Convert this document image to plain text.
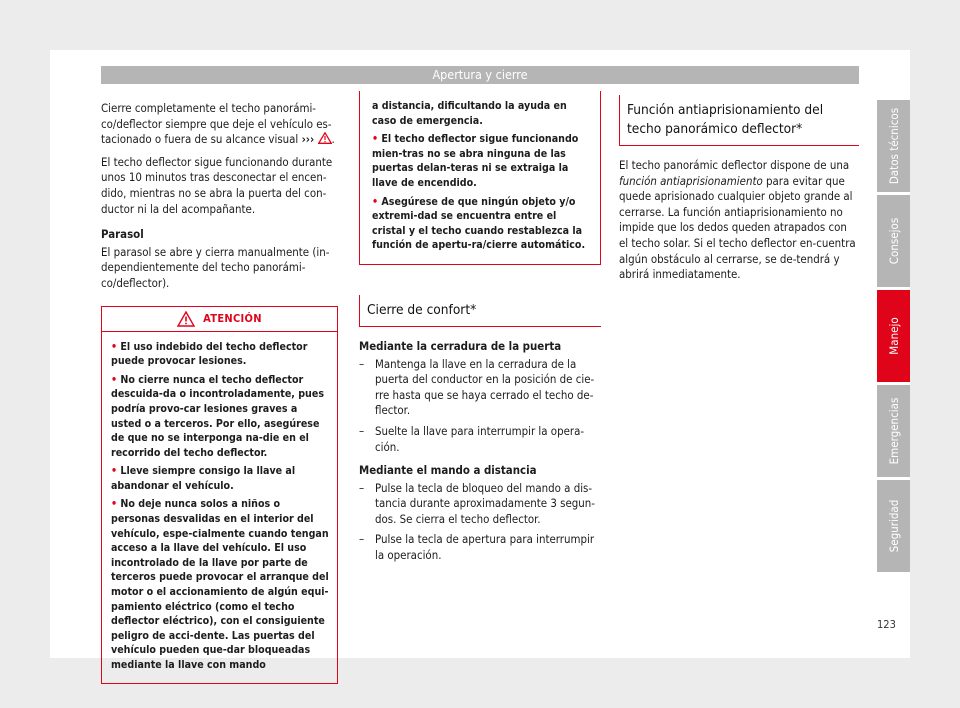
Apertura y cierre

Cierre completamente el techo panorámi-co/deflector siempre que deje el vehículo es-tacionado o fuera de su alcance visual ››› .

El techo deflector sigue funcionando durante unos 10 minutos tras desconectar el encen-dido, mientras no se abra la puerta del con-ductor ni la del acompañante.

Parasol

El parasol se abre y cierra manualmente (in-dependientemente del techo panorámi-co/deflector).

ATENCIÓN
• El uso indebido del techo deflector puede provocar lesiones.
• No cierre nunca el techo deflector descuida-da o incontroladamente, pues podría provo-car lesiones graves a usted o a terceros. Por ello, asegúrese de que no se interponga na-die en el recorrido del techo deflector.
• Lleve siempre consigo la llave al abandonar el vehículo.
• No deje nunca solos a niños o personas desvalidas en el interior del vehículo, espe-cialmente cuando tengan acceso a la llave del vehículo. El uso incontrolado de la llave por parte de terceros puede provocar el arranque del motor o el accionamiento de algún equi-pamiento eléctrico (como el techo deflector eléctrico), con el consiguiente peligro de acci-dente. Las puertas del vehículo pueden que-dar bloqueadas mediante la llave con mando
a distancia, dificultando la ayuda en caso de emergencia.
• El techo deflector sigue funcionando mien-tras no se abra ninguna de las puertas delan-teras ni se extraiga la llave de encendido.
• Asegúrese de que ningún objeto y/o extremi-dad se encuentra entre el cristal y el techo cuando restablezca la función de apertu-ra/cierre automático.
Cierre de confort*
Mediante la cerradura de la puerta
– Mantenga la llave en la cerradura de la puerta del conductor en la posición de cie-rre hasta que se haya cerrado el techo de-flector.
– Suelte la llave para interrumpir la opera-ción.
Mediante el mando a distancia
– Pulse la tecla de bloqueo del mando a dis-tancia durante aproximadamente 3 segun-dos. Se cierra el techo deflector.
– Pulse la tecla de apertura para interrumpir la operación.
Función antiaprisionamiento del techo panorámico deflector*

El techo panorámic deflector dispone de una función antiaprisionamiento para evitar que quede aprisionado cualquier objeto grande al cerrarse. La función antiaprisionamiento no impide que los dedos queden atrapados con el techo solar. Si el techo deflector en-cuentra algún obstáculo al cerrarse, se de-tendrá y abrirá inmediatamente.

Datos técnicos
Consejos
Manejo
Emergencias
Seguridad
123
